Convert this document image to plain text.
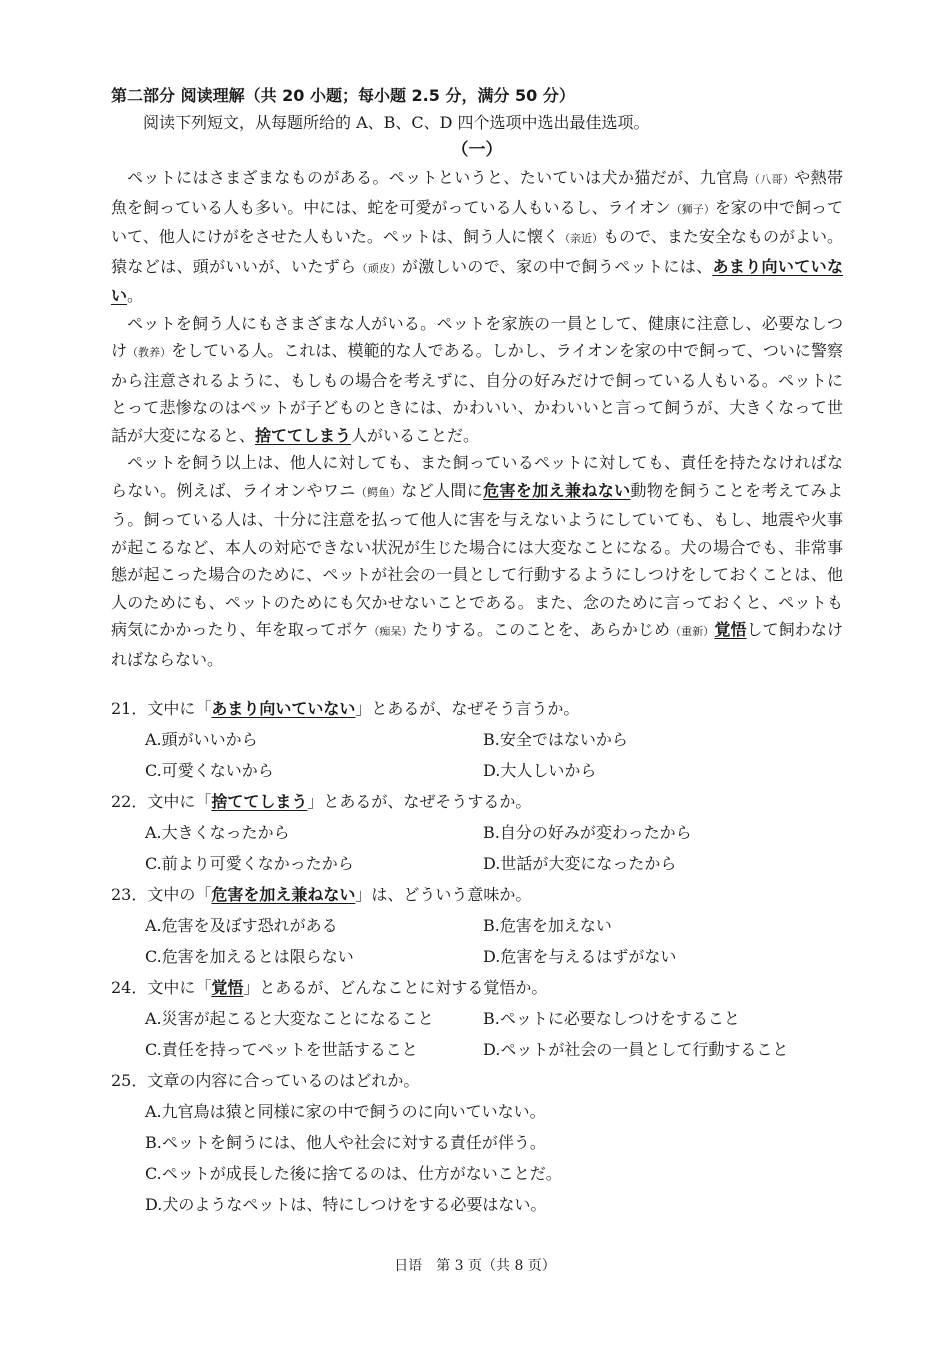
第二部分 阅读理解（共 20 小题；每小题 2.5 分，满分 50 分）

阅读下列短文，从每题所给的 A、B、C、D 四个选项中选出最佳选项。

（一）

ペットにはさまざまなものがある。ペットというと、たいていは犬か猫だが、九官鳥（八哥）や熱帯魚を飼っている人も多い。中には、蛇を可愛がっている人もいるし、ライオン（狮子）を家の中で飼っていて、他人にけがをさせた人もいた。ペットは、飼う人に懐く（亲近）もので、また安全なものがよい。猿などは、頭がいいが、いたずら（顽皮）が激しいので、家の中で飼うペットには、あまり向いていない。

ペットを飼う人にもさまざまな人がいる。ペットを家族の一員として、健康に注意し、必要なしつけ（教养）をしている人。これは、模範的な人である。しかし、ライオンを家の中で飼って、ついに警察から注意されるように、もしもの場合を考えずに、自分の好みだけで飼っている人もいる。ペットにとって悲惨なのはペットが子どものときには、かわいい、かわいいと言って飼うが、大きくなって世話が大変になると、捨ててしまう人がいることだ。

ペットを飼う以上は、他人に対しても、また飼っているペットに対しても、責任を持たなければならない。例えば、ライオンやワニ（鳄鱼）など人間に危害を加え兼ねない動物を飼うことを考えてみよう。飼っている人は、十分に注意を払って他人に害を与えないようにしていても、もし、地震や火事が起こるなど、本人の対応できない状況が生じた場合には大変なことになる。犬の場合でも、非常事態が起こった場合のために、ペットが社会の一員として行動するようにしつけをしておくことは、他人のためにも、ペットのためにも欠かせないことである。また、念のために言っておくと、ペットも病気にかかったり、年を取ってボケ（痴呆）たりする。このことを、あらかじめ（重新）覚悟して飼わなければならない。

21．文中に「あまり向いていない」とあるが、なぜそう言うか。
A.頭がいいから	B.安全ではないから
C.可愛くないから	D.大人しいから
22．文中に「捨ててしまう」とあるが、なぜそうするか。
A.大きくなったから	B.自分の好みが変わったから
C.前より可愛くなかったから	D.世話が大変になったから
23．文中の「危害を加え兼ねない」は、どういう意味か。
A.危害を及ぼす恐れがある	B.危害を加えない
C.危害を加えるとは限らない	D.危害を与えるはずがない
24．文中に「覚悟」とあるが、どんなことに対する覚悟か。
A.災害が起こると大変なことになること	B.ペットに必要なしつけをすること
C.責任を持ってペットを世話すること	D.ペットが社会の一員として行動すること
25．文章の内容に合っているのはどれか。
A.九官鳥は猿と同様に家の中で飼うのに向いていない。
B.ペットを飼うには、他人や社会に対する責任が伴う。
C.ペットが成長した後に捨てるのは、仕方がないことだ。
D.犬のようなペットは、特にしつけをする必要はない。
日语　第 3 页（共 8 页）
